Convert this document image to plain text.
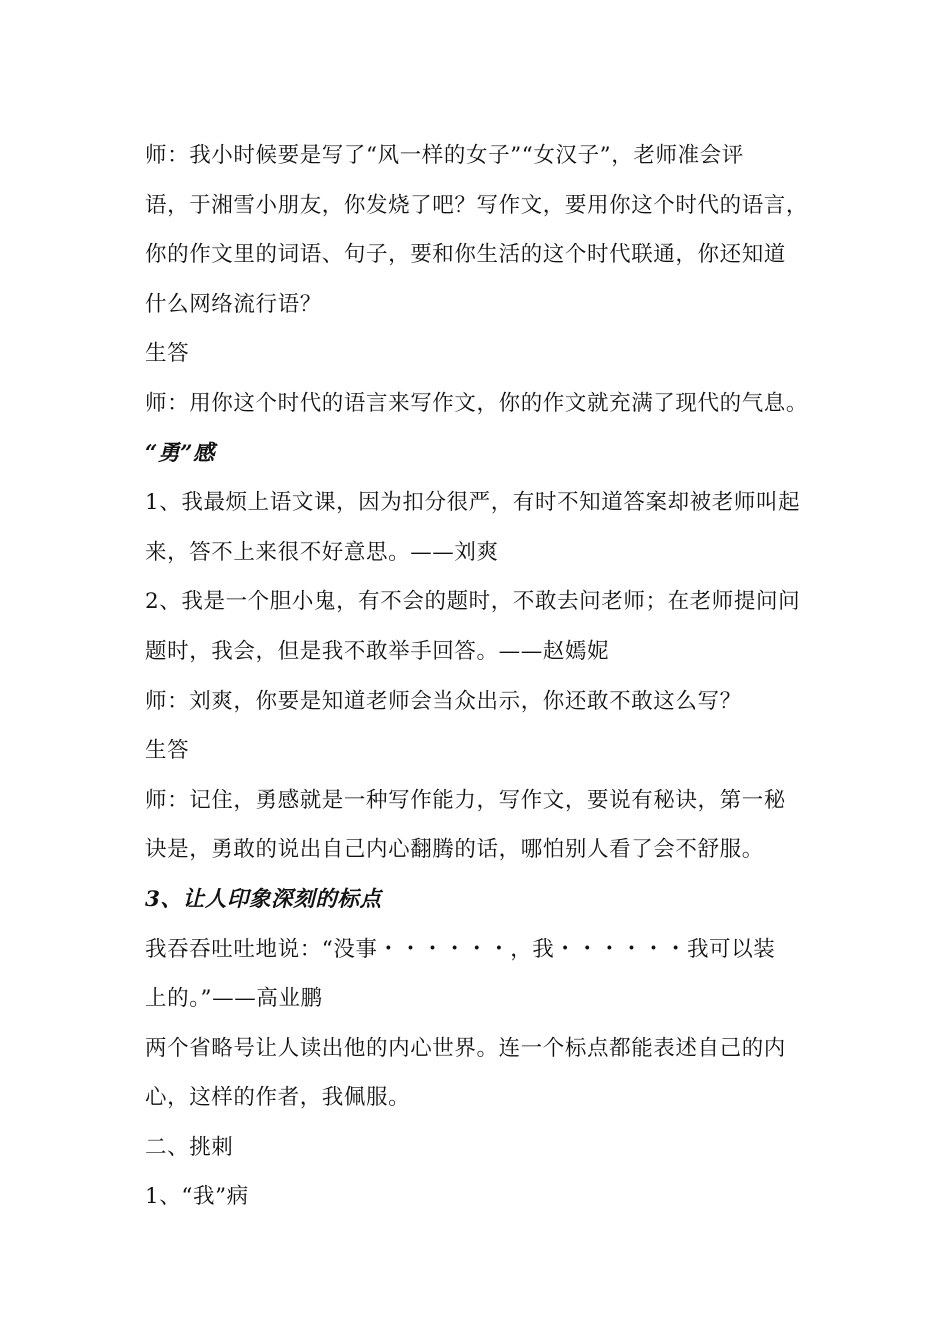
师：我小时候要是写了“风一样的女子”“女汉子”，老师准会评
语，于湘雪小朋友，你发烧了吧？写作文，要用你这个时代的语言，
你的作文里的词语、句子，要和你生活的这个时代联通，你还知道
什么网络流行语？
生答
师：用你这个时代的语言来写作文，你的作文就充满了现代的气息。
“勇”感
1、我最烦上语文课，因为扣分很严，有时不知道答案却被老师叫起
来，答不上来很不好意思。——刘爽
2、我是一个胆小鬼，有不会的题时，不敢去问老师；在老师提问问
题时，我会，但是我不敢举手回答。——赵嫣妮
师：刘爽，你要是知道老师会当众出示，你还敢不敢这么写？
生答
师：记住，勇感就是一种写作能力，写作文，要说有秘诀，第一秘
诀是，勇敢的说出自己内心翻腾的话，哪怕别人看了会不舒服。
3、让人印象深刻的标点
我吞吞吐吐地说：“没事・・・・・・，我・・・・・・我可以装
上的。”——高业鹏
两个省略号让人读出他的内心世界。连一个标点都能表述自己的内
心，这样的作者，我佩服。
二、挑刺
1、“我”病
